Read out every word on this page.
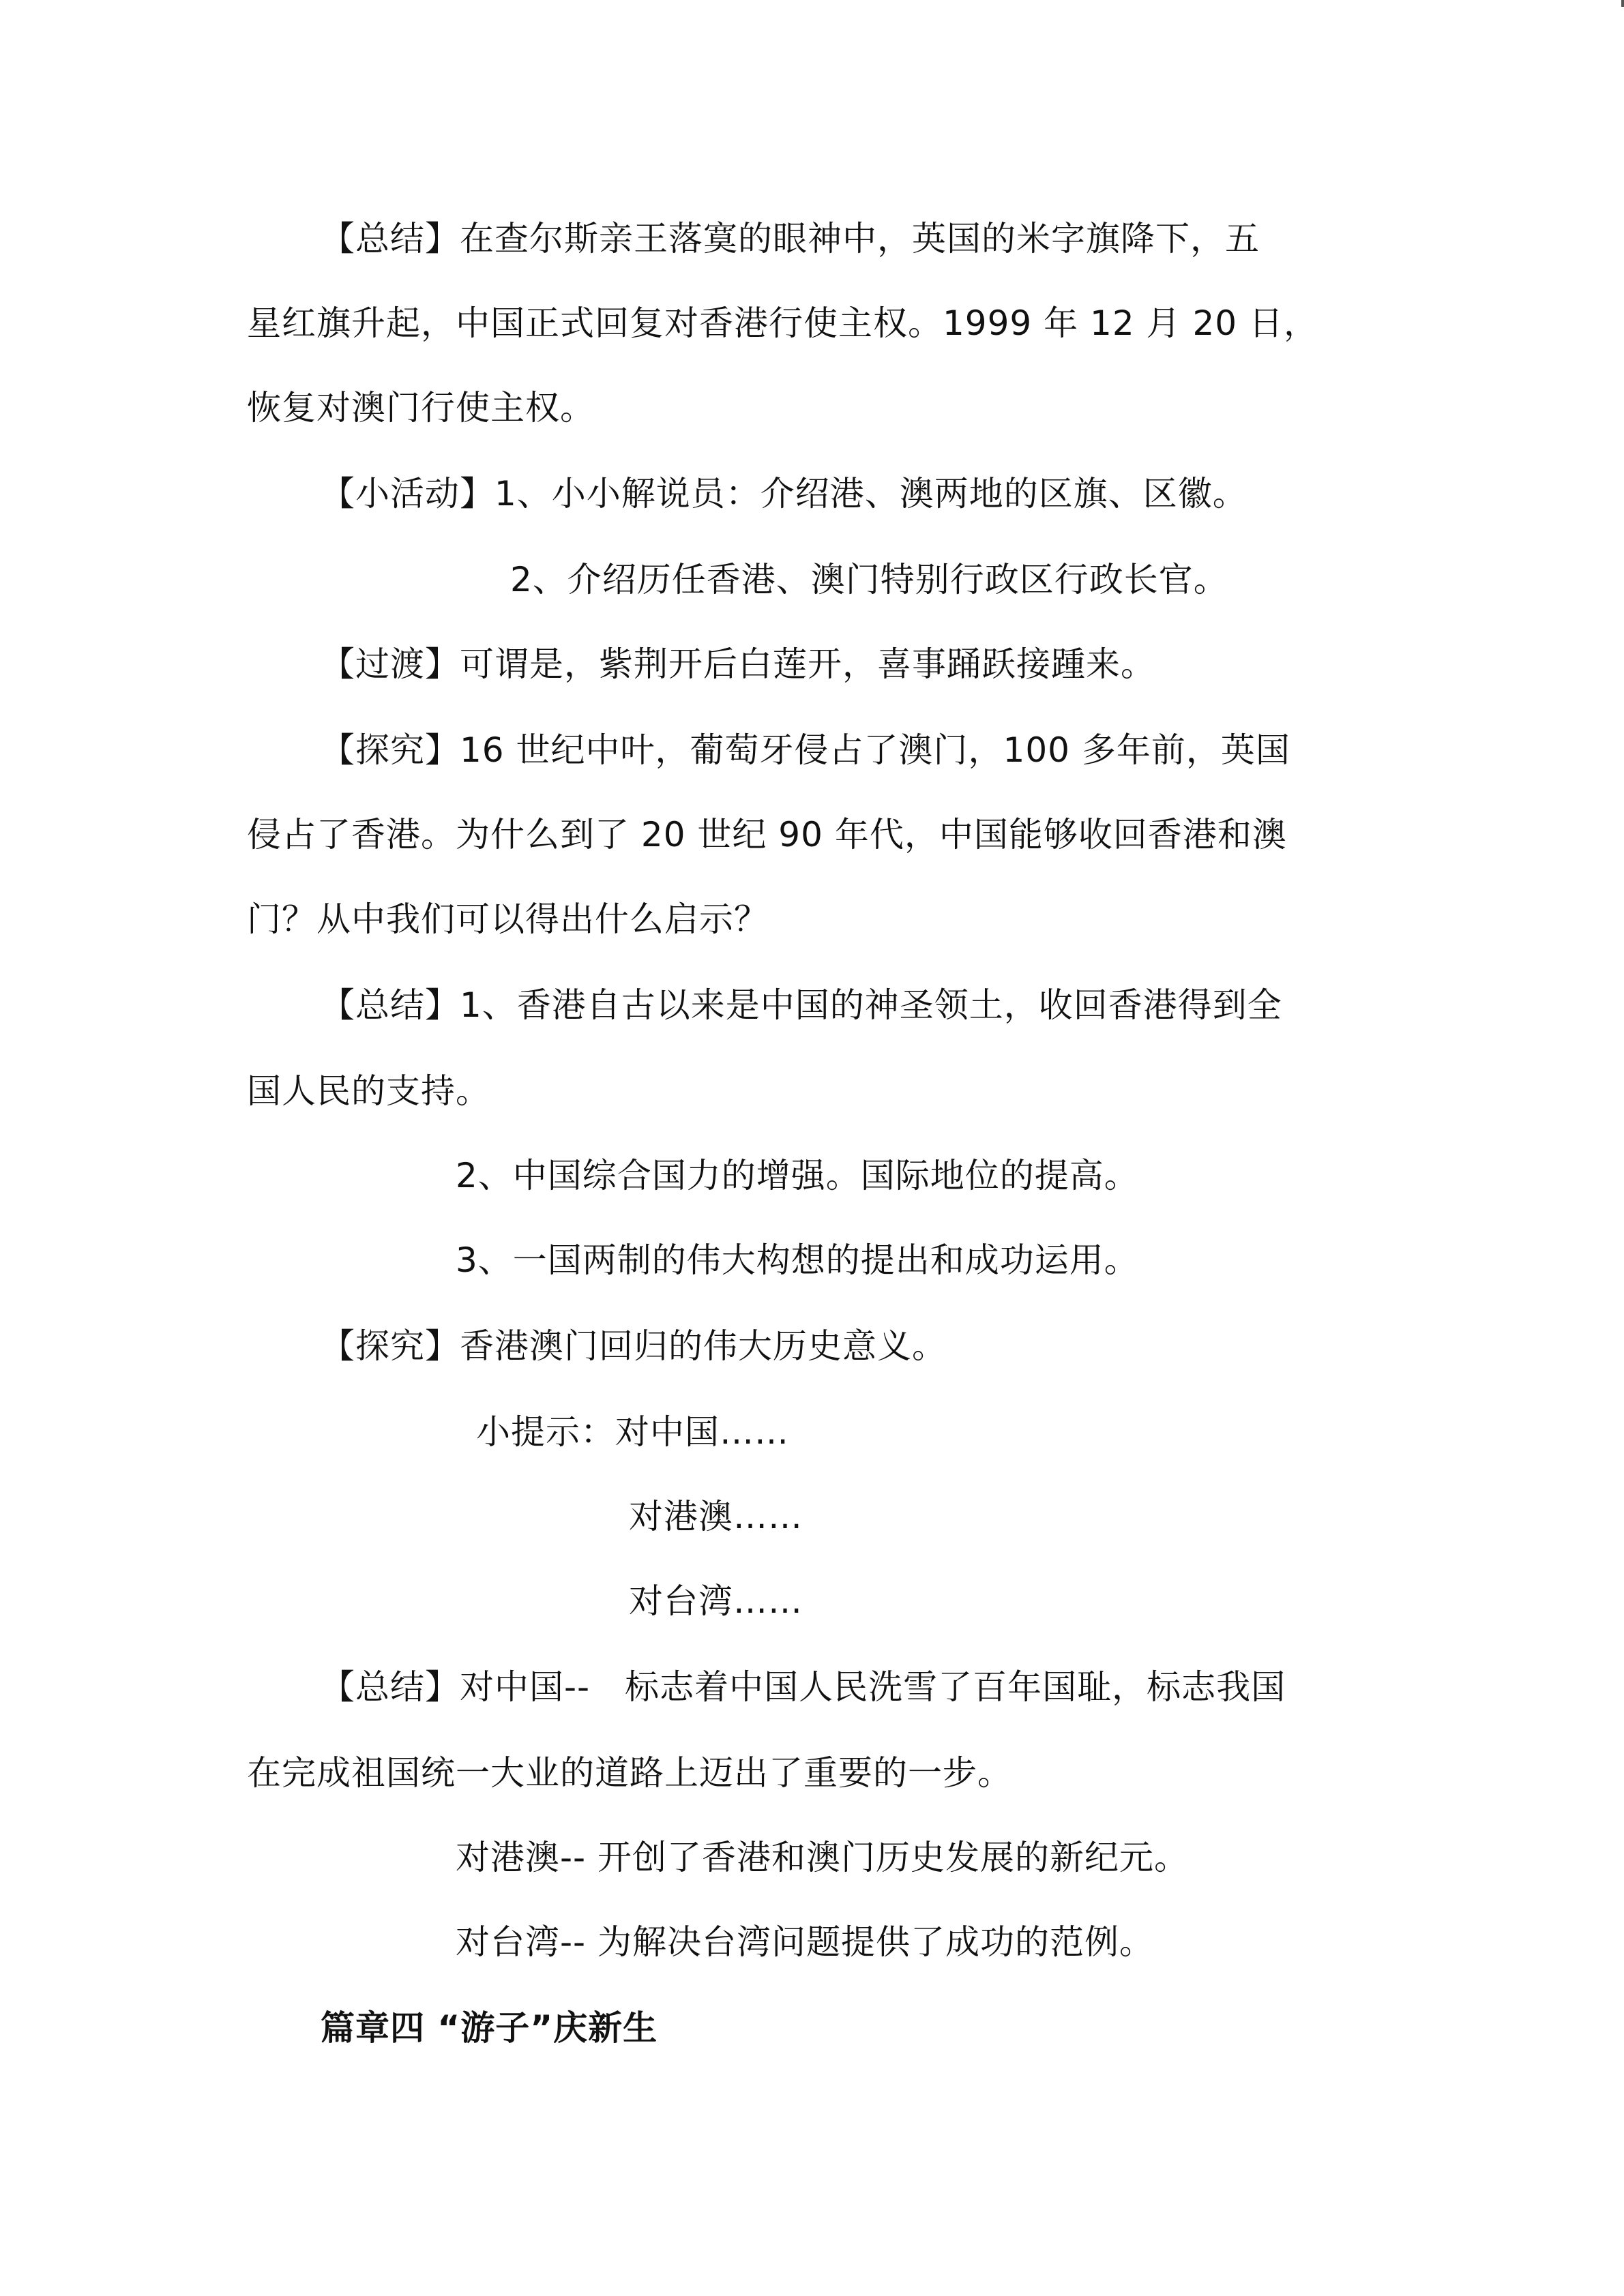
【总结】在查尔斯亲王落寞的眼神中，英国的米字旗降下，五
星红旗升起，中国正式回复对香港行使主权。1999 年 12 月 20 日，
恢复对澳门行使主权。
【小活动】1、小小解说员：介绍港、澳两地的区旗、区徽。
2、介绍历任香港、澳门特别行政区行政长官。
【过渡】可谓是，紫荆开后白莲开，喜事踊跃接踵来。
【探究】16 世纪中叶，葡萄牙侵占了澳门，100 多年前，英国
侵占了香港。为什么到了 20 世纪 90 年代，中国能够收回香港和澳
门？从中我们可以得出什么启示？
【总结】1、香港自古以来是中国的神圣领土，收回香港得到全
国人民的支持。
2、中国综合国力的增强。国际地位的提高。
3、一国两制的伟大构想的提出和成功运用。
【探究】香港澳门回归的伟大历史意义。
小提示：对中国……
对港澳……
对台湾……
【总结】对中国--　标志着中国人民洗雪了百年国耻，标志我国
在完成祖国统一大业的道路上迈出了重要的一步。
对港澳-- 开创了香港和澳门历史发展的新纪元。
对台湾-- 为解决台湾问题提供了成功的范例。
篇章四 “游子”庆新生
